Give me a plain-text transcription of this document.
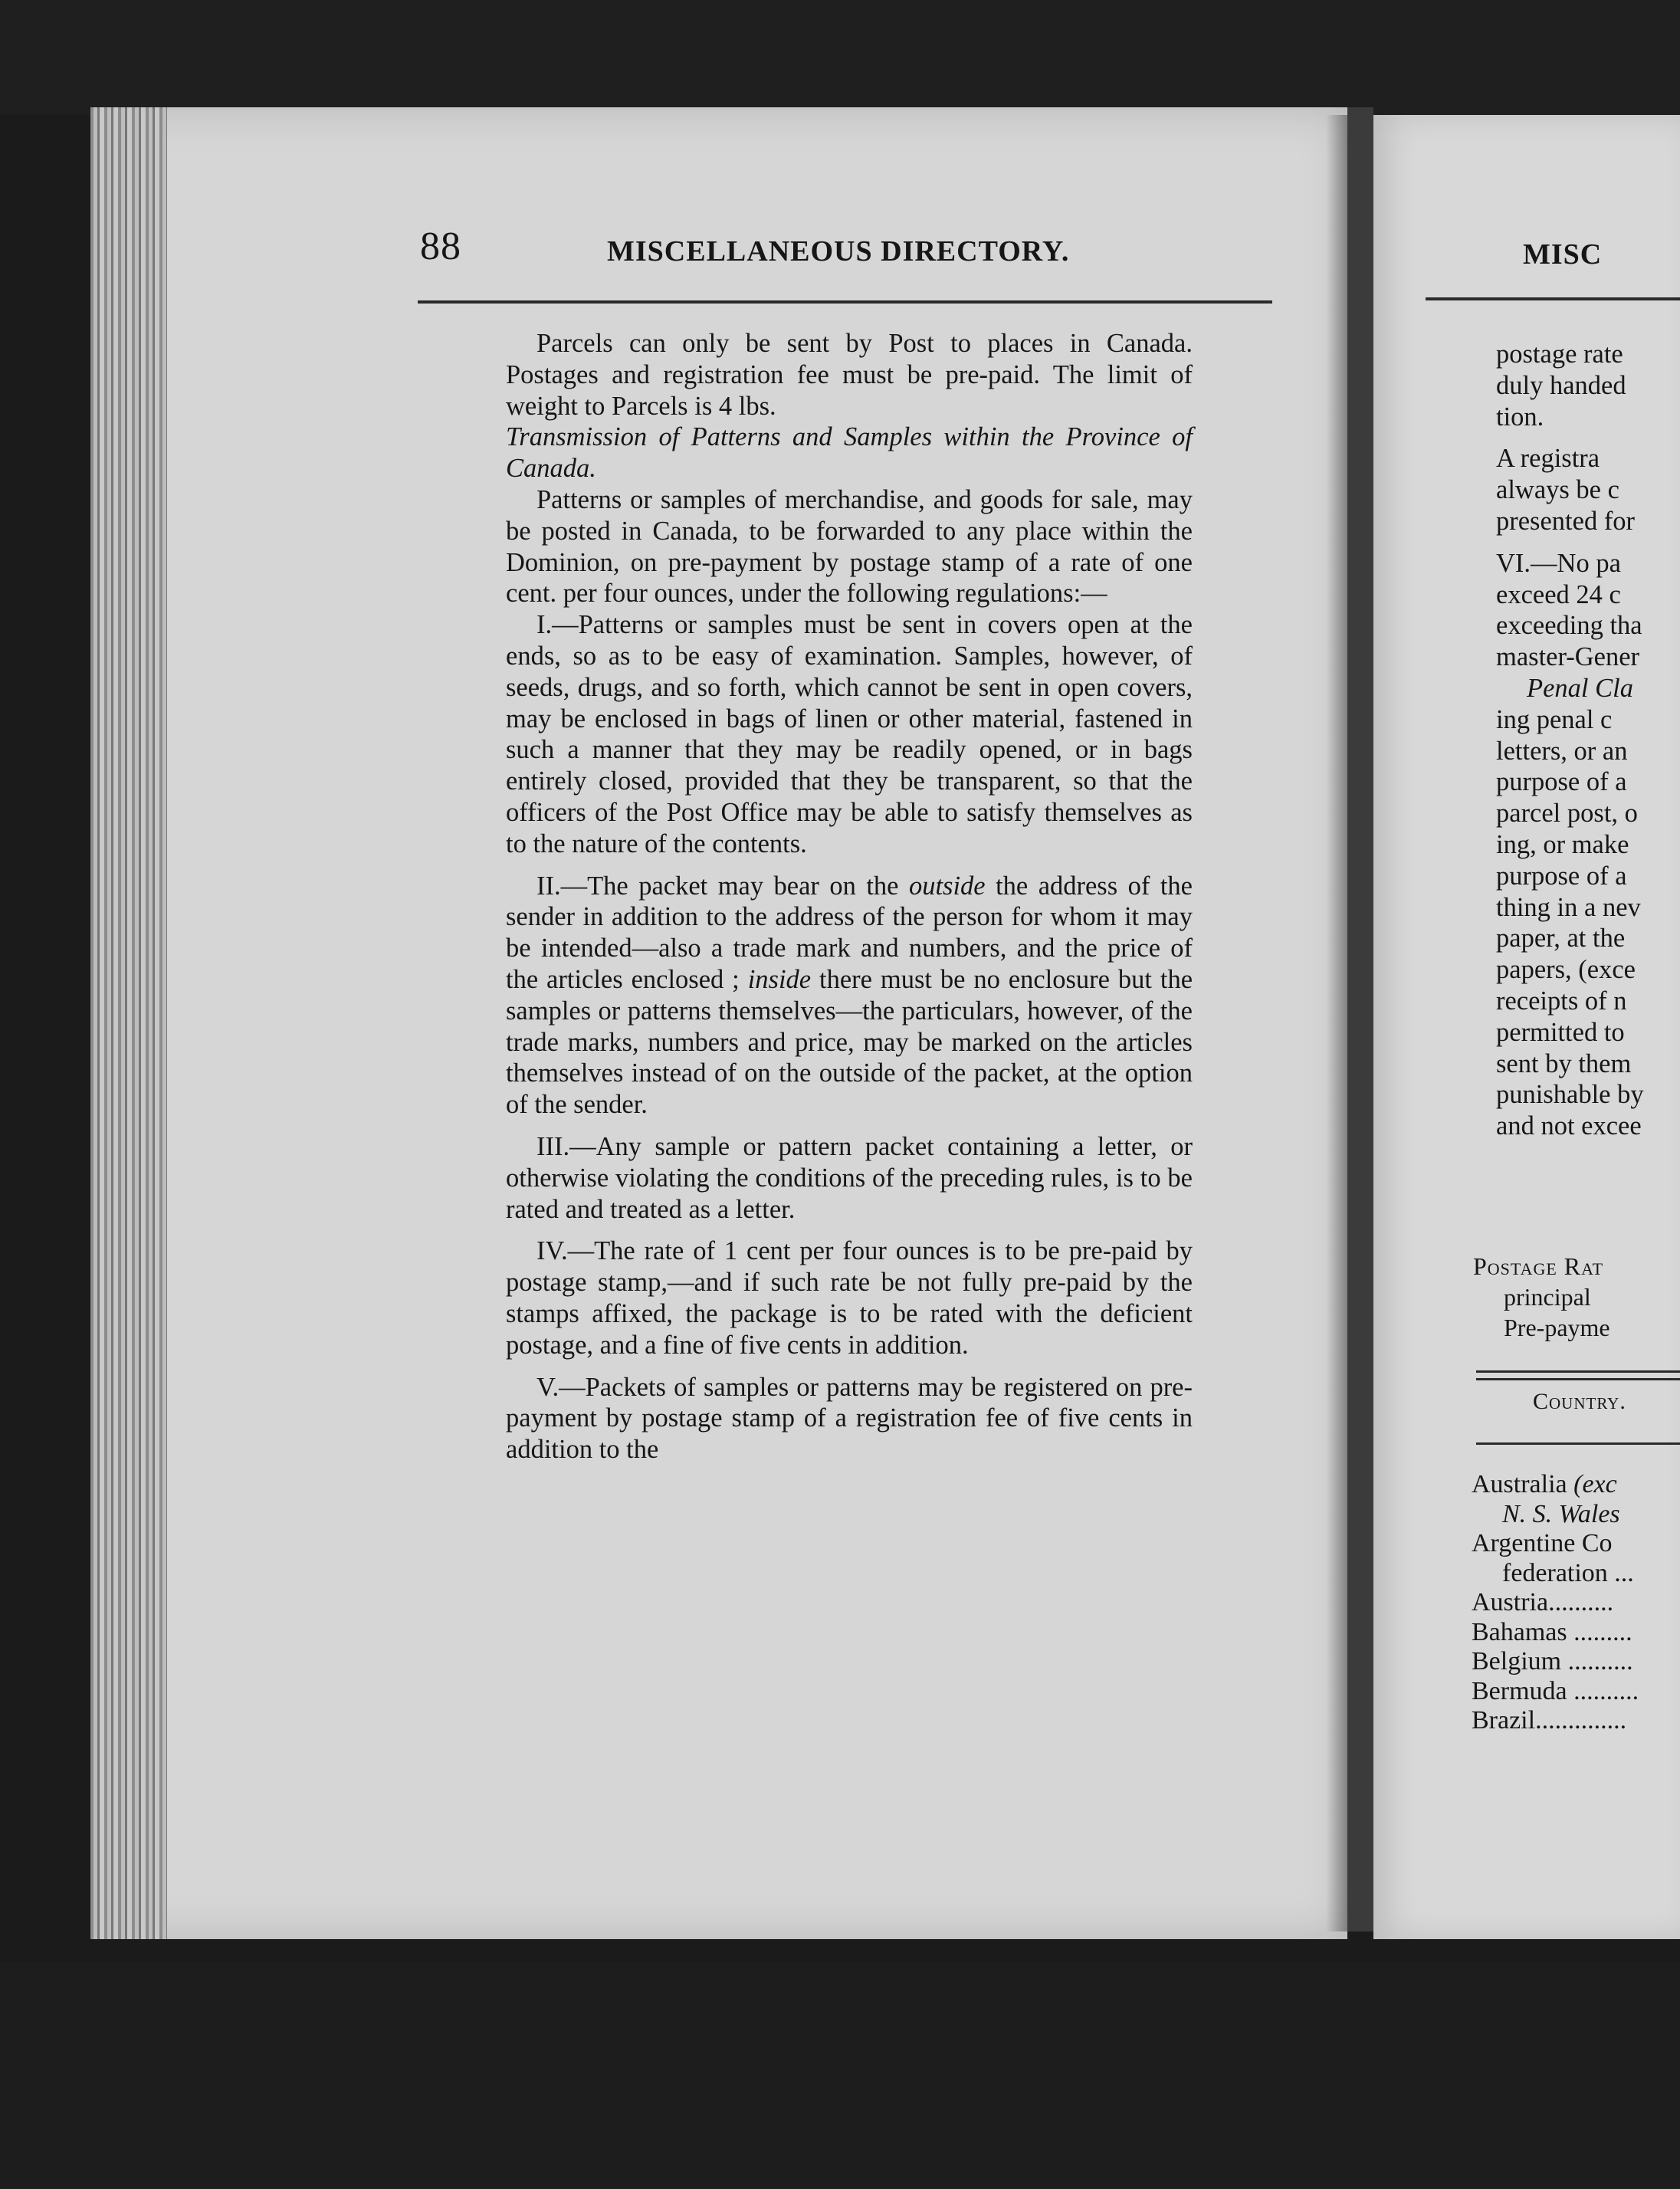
88	MISCELLANEOUS DIRECTORY.

Parcels can only be sent by Post to places in Canada. Postages and registration fee must be pre-paid. The limit of weight to Parcels is 4 lbs.

Transmission of Patterns and Samples within the Province of Canada.

Patterns or samples of merchandise, and goods for sale, may be posted in Canada, to be forwarded to any place within the Dominion, on pre-payment by postage stamp of a rate of one cent. per four ounces, under the following regulations:—

I.—Patterns or samples must be sent in covers open at the ends, so as to be easy of examination. Samples, however, of seeds, drugs, and so forth, which cannot be sent in open covers, may be enclosed in bags of linen or other material, fastened in such a manner that they may be readily opened, or in bags entirely closed, provided that they be transparent, so that the officers of the Post Office may be able to satisfy themselves as to the nature of the contents.

II.—The packet may bear on the outside the address of the sender in addition to the address of the person for whom it may be intended—also a trade mark and numbers, and the price of the articles enclosed ; inside there must be no enclosure but the samples or patterns themselves—the particulars, however, of the trade marks, numbers and price, may be marked on the articles themselves instead of on the outside of the packet, at the option of the sender.

III.—Any sample or pattern packet containing a letter, or otherwise violating the conditions of the preceding rules, is to be rated and treated as a letter.

IV.—The rate of 1 cent per four ounces is to be pre-paid by postage stamp,—and if such rate be not fully pre-paid by the stamps affixed, the package is to be rated with the deficient postage, and a fine of five cents in addition.

V.—Packets of samples or patterns may be registered on pre-payment by postage stamp of a registration fee of five cents in addition to the

MISC

postage rate

duly handed

tion.

A registra

always be c

presented for

VI.—No pa

exceed 24 c

exceeding tha

master-Gener

Penal Cla

ing penal c

letters, or an

purpose of a

parcel post, o

ing, or make

purpose of a

thing in a nev

paper, at the

papers, (exce

receipts of n

permitted to

sent by them

punishable by

and not excee

Postage Rat
principal
Pre-payme
Country.
Australia (exc
N. S. Wales
Argentine Co
federation ...
Austria..........
Bahamas .........
Belgium ..........
Bermuda ..........
Brazil..............
